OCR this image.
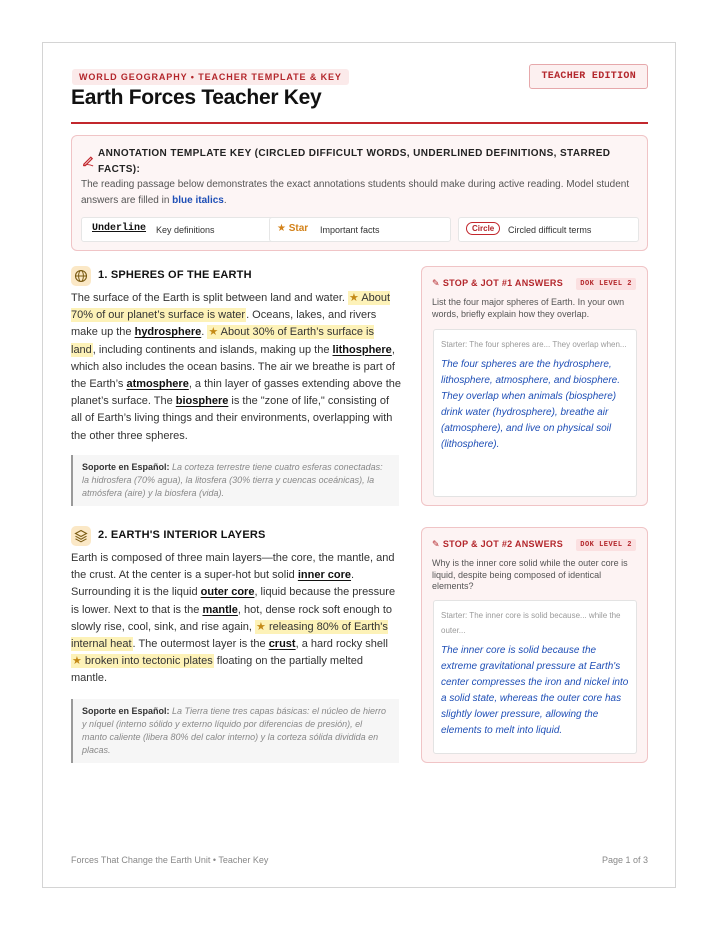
WORLD GEOGRAPHY • TEACHER TEMPLATE & KEY	TEACHER EDITION
Earth Forces Teacher Key
ANNOTATION TEMPLATE KEY (CIRCLED DIFFICULT WORDS, UNDERLINED DEFINITIONS, STARRED FACTS):
The reading passage below demonstrates the exact annotations students should make during active reading. Model student answers are filled in blue italics.
Underline Key definitions	★ Star Important facts	Circle	Circled difficult terms
1. SPHERES OF THE EARTH

The surface of the Earth is split between land and water. ★ About 70% of our planet’s surface is water. Oceans, lakes, and rivers make up the hydrosphere. ★ About 30% of Earth’s surface is land, including continents and islands, making up the lithosphere, which also includes the ocean basins. The air we breathe is part of the Earth’s atmosphere, a thin layer of gasses extending above the planet’s surface. The biosphere is the "zone of life," consisting of all of Earth’s living things and their environments, overlapping with the other three spheres.

Soporte en Español: La corteza terrestre tiene cuatro esferas conectadas: la hidrosfera (70% agua), la litosfera (30% tierra y cuencas oceánicas), la atmósfera (aire) y la biosfera (vida).
2. EARTH'S INTERIOR LAYERS

Earth is composed of three main layers—the core, the mantle, and the crust. At the center is a super-hot but solid inner core. Surrounding it is the liquid outer core, liquid because the pressure is lower. Next to that is the mantle, hot, dense rock soft enough to slowly rise, cool, sink, and rise again, ★ releasing 80% of Earth's internal heat. The outermost layer is the crust, a hard rocky shell ★ broken into tectonic plates floating on the partially melted mantle.

Soporte en Español: La Tierra tiene tres capas básicas: el núcleo de hierro y níquel (interno sólido y externo líquido por diferencias de presión), el manto caliente (libera 80% del calor interno) y la corteza sólida dividida en placas.
✎ STOP & JOT #1 ANSWERS	DOK LEVEL 2
List the four major spheres of Earth. In your own words, briefly explain how they overlap.
Starter: The four spheres are... They overlap when...
The four spheres are the hydrosphere, lithosphere, atmosphere, and biosphere. They overlap when animals (biosphere) drink water (hydrosphere), breathe air (atmosphere), and live on physical soil (lithosphere).
✎ STOP & JOT #2 ANSWERS	DOK LEVEL 2
Why is the inner core solid while the outer core is liquid, despite being composed of identical elements?
Starter: The inner core is solid because... while the outer...
The inner core is solid because the extreme gravitational pressure at Earth's center compresses the iron and nickel into a solid state, whereas the outer core has slightly lower pressure, allowing the elements to melt into liquid.
Forces That Change the Earth Unit • Teacher Key	Page 1 of 3
